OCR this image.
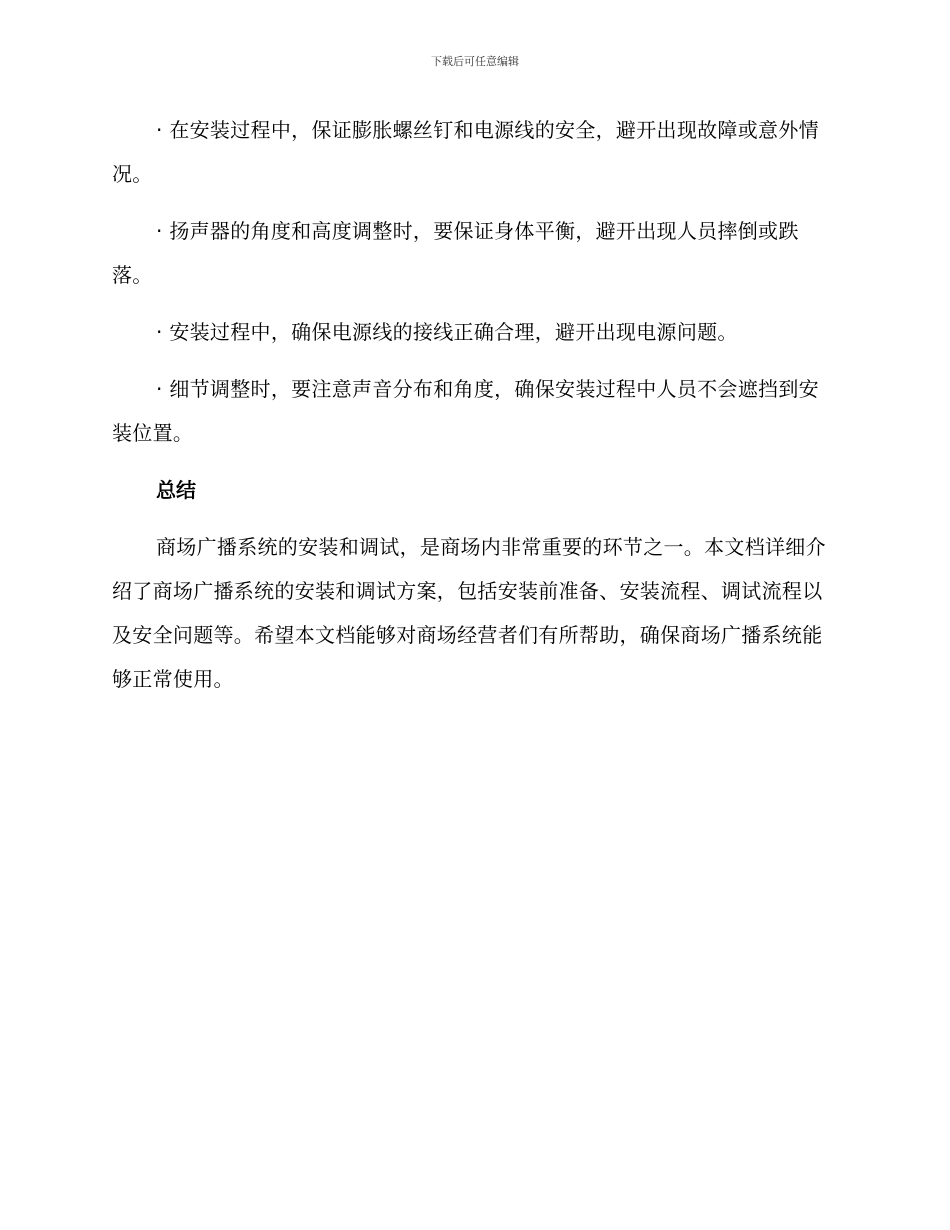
下载后可任意编辑

· 在安装过程中，保证膨胀螺丝钉和电源线的安全，避开出现故障或意外情况。

· 扬声器的角度和高度调整时，要保证身体平衡，避开出现人员摔倒或跌落。

· 安装过程中，确保电源线的接线正确合理，避开出现电源问题。

· 细节调整时，要注意声音分布和角度，确保安装过程中人员不会遮挡到安装位置。

总结

商场广播系统的安装和调试，是商场内非常重要的环节之一。本文档详细介绍了商场广播系统的安装和调试方案，包括安装前准备、安装流程、调试流程以及安全问题等。希望本文档能够对商场经营者们有所帮助，确保商场广播系统能够正常使用。
